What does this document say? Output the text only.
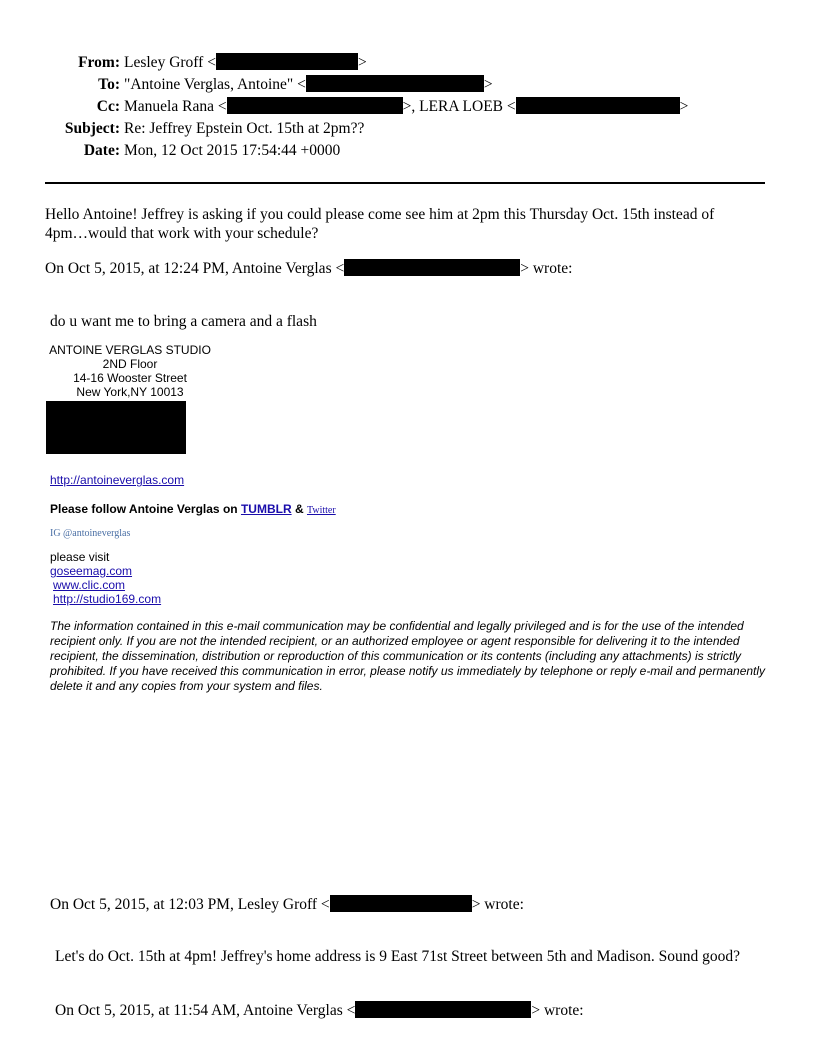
From: Lesley Groff <	>
To: "Antoine Verglas, Antoine" <	>
Cc: Manuela Rana <	>, LERA LOEB <	>
Subject: Re: Jeffrey Epstein Oct. 15th at 2pm??
Date: Mon, 12 Oct 2015 17:54:44 +0000
Hello Antoine! Jeffrey is asking if you could please come see him at 2pm this Thursday Oct. 15th instead of 4pm…would that work with your schedule?
On Oct 5, 2015, at 12:24 PM, Antoine Verglas <	> wrote:
do u want me to bring a camera and a flash
ANTOINE VERGLAS STUDIO
2ND Floor
14-16 Wooster Street
New York,NY 10013
http://antoineverglas.com
Please follow Antoine Verglas on TUMBLR & Twitter
IG @antoineverglas
please visit
goseemag.com
www.clic.com
http://studio169.com
The information contained in this e-mail communication may be confidential and legally privileged and is for the use of the intended recipient only. If you are not the intended recipient, or an authorized employee or agent responsible for delivering it to the intended recipient, the dissemination, distribution or reproduction of this communication or its contents (including any attachments) is strictly prohibited. If you have received this communication in error, please notify us immediately by telephone or reply e-mail and permanently delete it and any copies from your system and files.
On Oct 5, 2015, at 12:03 PM, Lesley Groff <	> wrote:
Let's do Oct. 15th at 4pm! Jeffrey's home address is 9 East 71st Street between 5th and Madison. Sound good?
On Oct 5, 2015, at 11:54 AM, Antoine Verglas <	> wrote:
